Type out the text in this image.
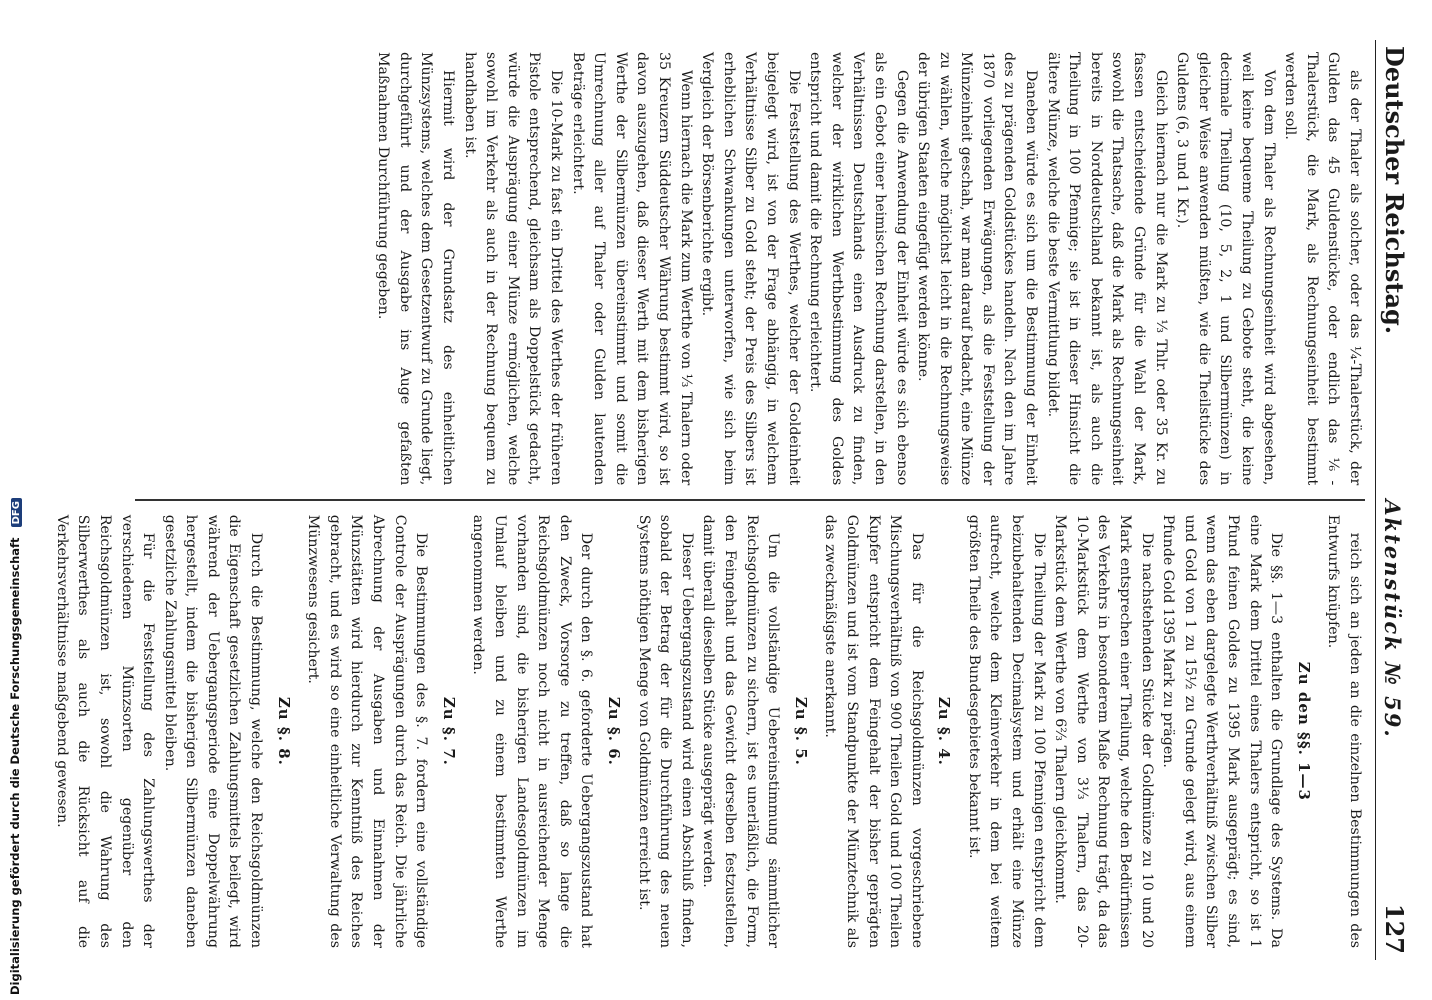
Digitalisierung gefördert durch die Deutsche Forschungsgemeinschaft DFG
Deutscher Reichstag.
Aktenstück № 59.
127

als der Thaler als solcher, oder das ¼-Thalerstück, der Gulden das 45 Guldenstücke, oder endlich das ⅙-Thalerstück, die Mark, als Rechnungseinheit bestimmt werden soll.

Von dem Thaler als Rechnungseinheit wird abgesehen, weil keine bequeme Theilung zu Gebote steht, die keine decimale Theilung (10, 5, 2, 1 und Silbermünzen) in gleicher Weise anwenden müßten, wie die Theilstücke des Guldens (6, 3 und 1 Kr.).

Gleich hiernach nur die Mark zu ⅓ Thlr. oder 35 Kr. zu fassen entscheidende Gründe für die Wahl der Mark, sowohl die Thatsache, daß die Mark als Rechnungseinheit bereits in Norddeutschland bekannt ist, als auch die Theilung in 100 Pfennige; sie ist in dieser Hinsicht die ältere Münze, welche die beste Vermittlung bildet.

Daneben würde es sich um die Bestimmung der Einheit des zu prägenden Goldstückes handeln. Nach den im Jahre 1870 vorliegenden Erwägungen, als die Feststellung der Münzeinheit geschah, war man darauf bedacht, eine Münze zu wählen, welche möglichst leicht in die Rechnungsweise der übrigen Staaten eingefügt werden könne.

Gegen die Anwendung der Einheit würde es sich ebenso als ein Gebot einer heimischen Rechnung darstellen, in den Verhältnissen Deutschlands einen Ausdruck zu finden, welcher der wirklichen Werthbestimmung des Goldes entspricht und damit die Rechnung erleichtert.

Die Feststellung des Werthes, welcher der Goldeinheit beigelegt wird, ist von der Frage abhängig, in welchem Verhältnisse Silber zu Gold steht; der Preis des Silbers ist erheblichen Schwankungen unterworfen, wie sich beim Vergleich der Börsenberichte ergibt.

Wenn hiernach die Mark zum Werthe von ⅓ Thalern oder 35 Kreuzern Süddeutscher Währung bestimmt wird, so ist davon auszugehen, daß dieser Werth mit dem bisherigen Werthe der Silbermünzen übereinstimmt und somit die Umrechnung aller auf Thaler oder Gulden lautenden Beträge erleichtert.

Die 10-Mark zu fast ein Drittel des Werthes der früheren Pistole entsprechend, gleichsam als Doppelstück gedacht, würde die Ausprägung einer Münze ermöglichen, welche sowohl im Verkehr als auch in der Rechnung bequem zu handhaben ist.

Hiermit wird der Grundsatz des einheitlichen Münzsystems, welches dem Gesetzentwurf zu Grunde liegt, durchgeführt und der Ausgabe ins Auge gefaßten Maßnahmen Durchführung gegeben.

reich sich an jeden an die einzelnen Bestimmungen des Entwurfs knüpfen.

Zu den §§. 1—3

Die §§. 1—3 enthalten die Grundlage des Systems. Da eine Mark dem Drittel eines Thalers entspricht, so ist 1 Pfund feinen Goldes zu 1395 Mark ausgeprägt; es sind, wenn das eben dargelegte Werthverhältniß zwischen Silber und Gold von 1 zu 15½ zu Grunde gelegt wird, aus einem Pfunde Gold 1395 Mark zu prägen.

Die nachstehenden Stücke der Goldmünze zu 10 und 20 Mark entsprechen einer Theilung, welche den Bedürfnissen des Verkehrs in besonderem Maße Rechnung trägt, da das 10-Markstück dem Werthe von 3⅓ Thalern, das 20-Markstück dem Werthe von 6⅔ Thalern gleichkommt.

Die Theilung der Mark zu 100 Pfennigen entspricht dem beizubehaltenden Decimalsystem und erhält eine Münze aufrecht, welche dem Kleinverkehr in dem bei weitem größten Theile des Bundesgebietes bekannt ist.

Zu §. 4.

Das für die Reichsgoldmünzen vorgeschriebene Mischungsverhältniß von 900 Theilen Gold und 100 Theilen Kupfer entspricht dem Feingehalt der bisher geprägten Goldmünzen und ist vom Standpunkte der Münztechnik als das zweckmäßigste anerkannt.

Zu §. 5.

Um die vollständige Uebereinstimmung sämmtlicher Reichsgoldmünzen zu sichern, ist es unerläßlich, die Form, den Feingehalt und das Gewicht derselben festzustellen, damit überall dieselben Stücke ausgeprägt werden.

Dieser Uebergangszustand wird einen Abschluß finden, sobald der Betrag der für die Durchführung des neuen Systems nöthigen Menge von Goldmünzen erreicht ist.

Zu §. 6.

Der durch den §. 6. geforderte Uebergangszustand hat den Zweck, Vorsorge zu treffen, daß so lange die Reichsgoldmünzen noch nicht in ausreichender Menge vorhanden sind, die bisherigen Landesgoldmünzen im Umlauf bleiben und zu einem bestimmten Werthe angenommen werden.

Zu §. 7.

Die Bestimmungen des §. 7. fordern eine vollständige Controle der Ausprägungen durch das Reich. Die jährliche Abrechnung der Ausgaben und Einnahmen der Münzstätten wird hierdurch zur Kenntniß des Reiches gebracht, und es wird so eine einheitliche Verwaltung des Münzwesens gesichert.

Zu §. 8.

Durch die Bestimmung, welche den Reichsgoldmünzen die Eigenschaft gesetzlichen Zahlungsmittels beilegt, wird während der Uebergangsperiode eine Doppelwährung hergestellt, indem die bisherigen Silbermünzen daneben gesetzliche Zahlungsmittel bleiben.

Für die Feststellung des Zahlungswerthes der verschiedenen Münzsorten gegenüber den Reichsgoldmünzen ist, sowohl die Wahrung des Silberwerthes als auch die Rücksicht auf die Verkehrsverhältnisse maßgebend gewesen.
